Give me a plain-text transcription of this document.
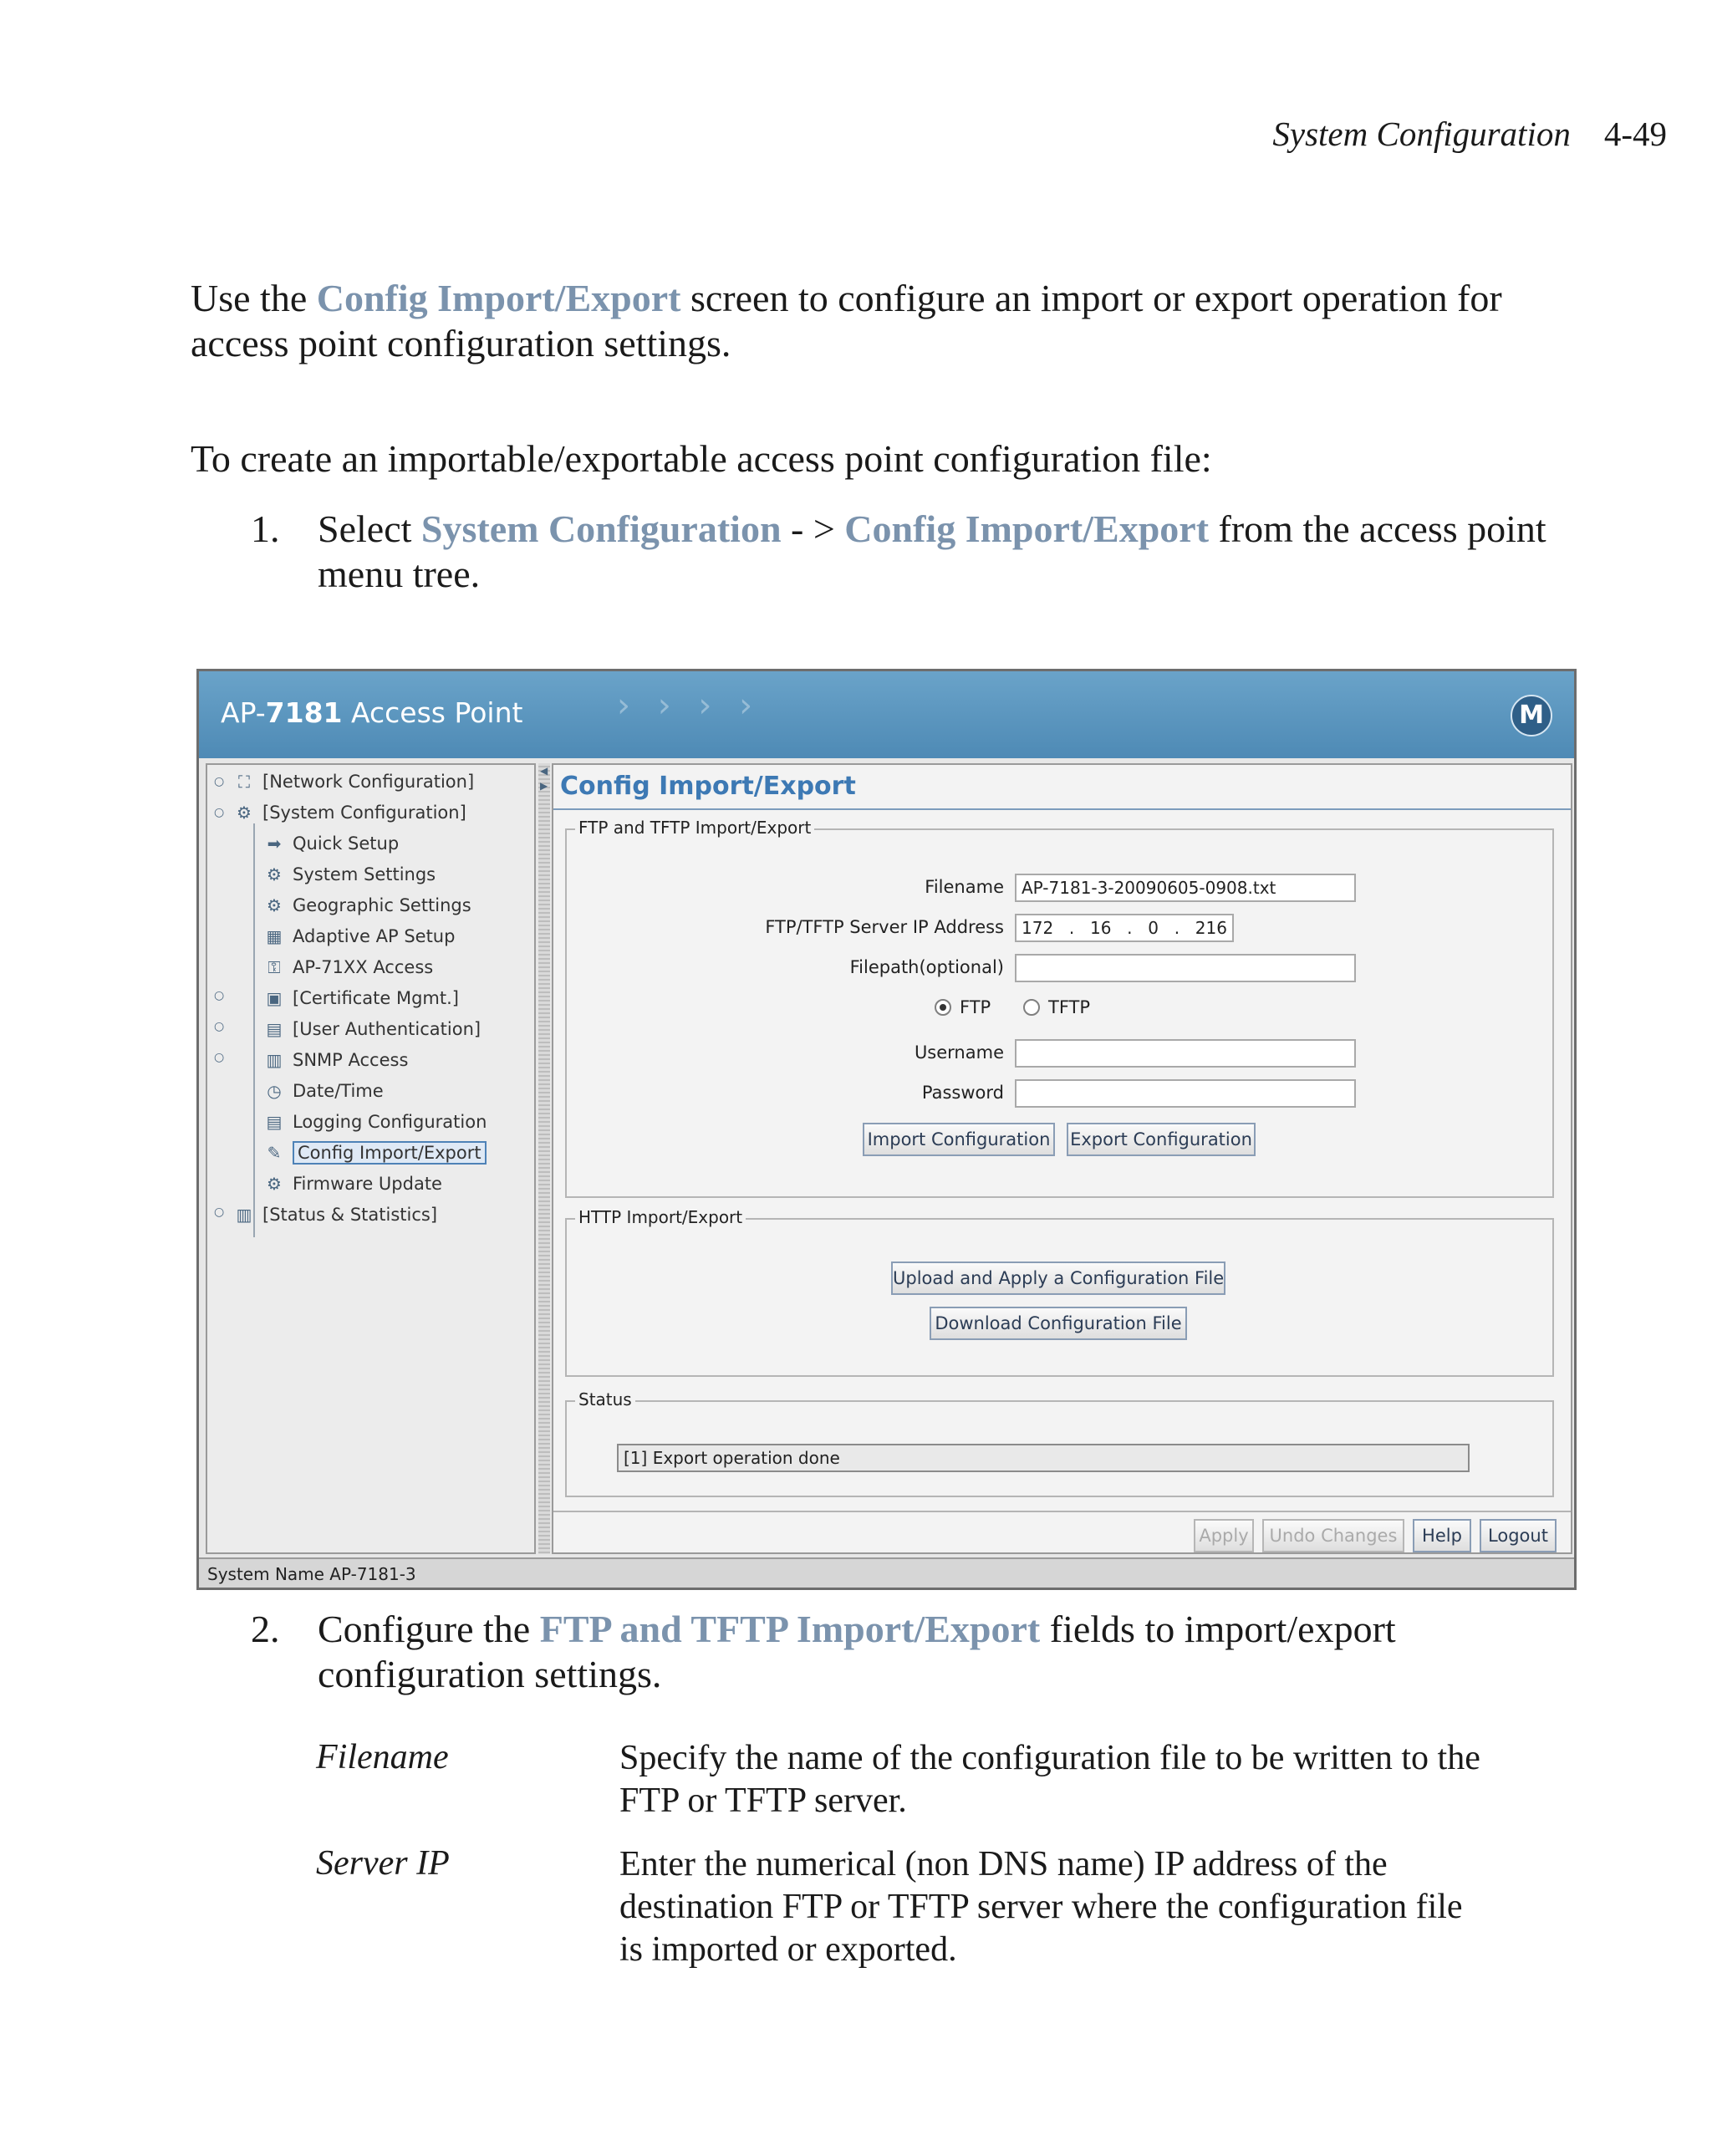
System Configuration 4-49
Use the Config Import/Export screen to configure an import or export operation for
access point configuration settings.
To create an importable/exportable access point configuration file:
1. Select System Configuration - > Config Import/Export from the access point
menu tree.
AP-7181 Access Point	› › › ›	M
○
○
○
○
○
○
⛶ [Network Configuration]
⚙ [System Configuration]
➡ Quick Setup
⚙ System Settings
⚙ Geographic Settings
▦ Adaptive AP Setup
⚿ AP-71XX Access
▣ [Certificate Mgmt.]
▤ [User Authentication]
▥ SNMP Access
◷ Date/Time
▤ Logging Configuration
✎ Config Import/Export
⚙ Firmware Update
▥ [Status & Statistics]
◀
▶ Config Import/Export
FTP and TFTP Import/Export
Filename	AP-7181-3-20090605-0908.txt
FTP/TFTP Server IP Address 172 . 16 . 0 . 216
Filepath(optional)
FTP	TFTP
Username
Password
Import Configuration Export Configuration
HTTP Import/Export
Upload and Apply a Configuration File
Download Configuration File
Status
[1] Export operation done
Apply	Undo Changes	Help	Logout
System Name AP-7181-3
2. Configure the FTP and TFTP Import/Export fields to import/export
configuration settings.
Filename	Specify the name of the configuration file to be written to the
FTP or TFTP server.
Server IP	Enter the numerical (non DNS name) IP address of the
destination FTP or TFTP server where the configuration file
is imported or exported.
